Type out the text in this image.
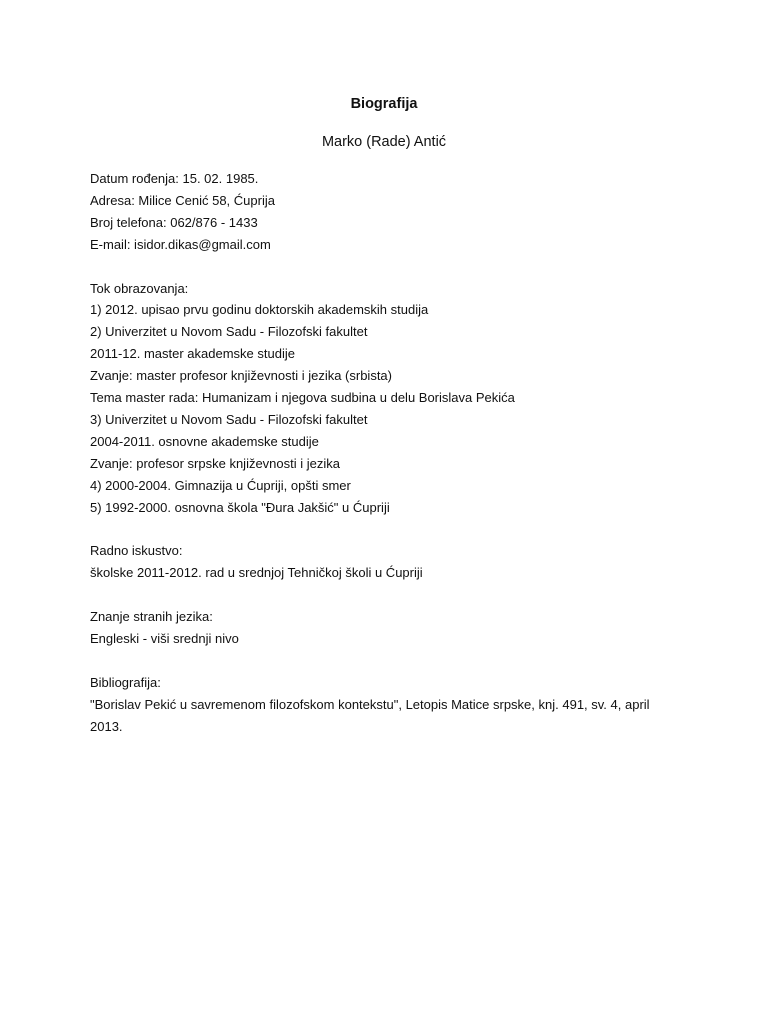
Biografija

Marko (Rade) Antić

Datum rođenja: 15. 02. 1985.
Adresa: Milice Cenić 58, Ćuprija
Broj telefona: 062/876 - 1433
E-mail: isidor.dikas@gmail.com
Tok obrazovanja:
1) 2012. upisao prvu godinu doktorskih akademskih studija
2) Univerzitet u Novom Sadu - Filozofski fakultet
2011-12. master akademske studije
Zvanje: master profesor književnosti i jezika (srbista)
Tema master rada: Humanizam i njegova sudbina u delu Borislava Pekića
3) Univerzitet u Novom Sadu - Filozofski fakultet
2004-2011. osnovne akademske studije
Zvanje: profesor srpske književnosti i jezika
4) 2000-2004. Gimnazija u Ćupriji, opšti smer
5) 1992-2000. osnovna škola "Đura Jakšić" u Ćupriji
Radno iskustvo:
školske 2011-2012. rad u srednjoj Tehničkoj školi u Ćupriji
Znanje stranih jezika:
Engleski - viši srednji nivo
Bibliografija:
"Borislav Pekić u savremenom filozofskom kontekstu", Letopis Matice srpske, knj. 491, sv. 4, april 2013.
